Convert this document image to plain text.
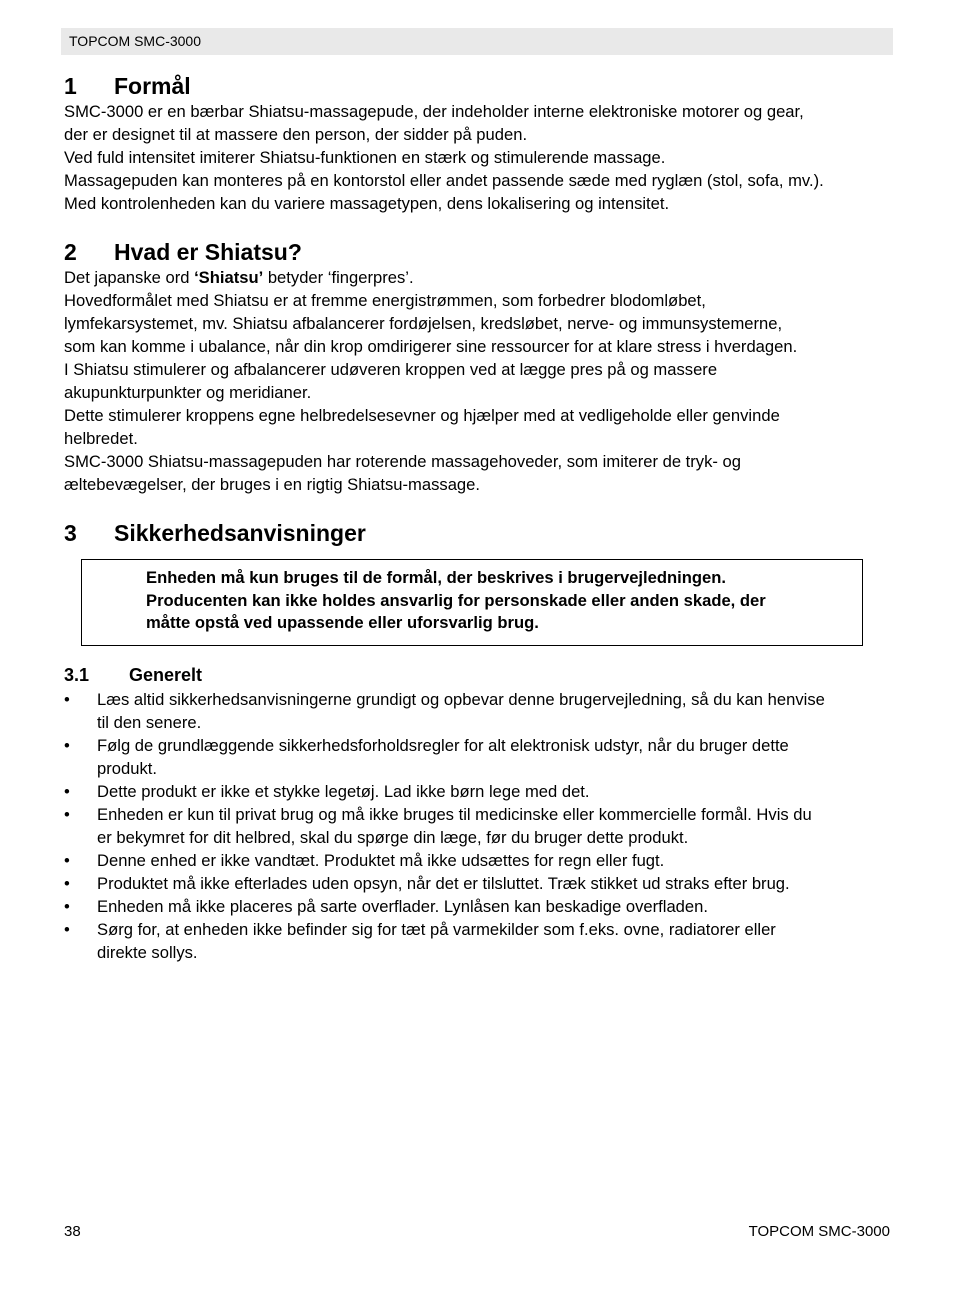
TOPCOM SMC-3000
1	Formål

SMC-3000 er en bærbar Shiatsu-massagepude, der indeholder interne elektroniske motorer og gear,

der er designet til at massere den person, der sidder på puden.

Ved fuld intensitet imiterer Shiatsu-funktionen en stærk og stimulerende massage.

Massagepuden kan monteres på en kontorstol eller andet passende sæde med ryglæn (stol, sofa, mv.).

Med kontrolenheden kan du variere massagetypen, dens lokalisering og intensitet.

2	Hvad er Shiatsu?

Det japanske ord ‘Shiatsu’ betyder ‘fingerpres’.

Hovedformålet med Shiatsu er at fremme energistrømmen, som forbedrer blodomløbet,

lymfekarsystemet, mv. Shiatsu afbalancerer fordøjelsen, kredsløbet, nerve- og immunsystemerne,

som kan komme i ubalance, når din krop omdirigerer sine ressourcer for at klare stress i hverdagen.

I Shiatsu stimulerer og afbalancerer udøveren kroppen ved at lægge pres på og massere

akupunkturpunkter og meridianer.

Dette stimulerer kroppens egne helbredelsesevner og hjælper med at vedligeholde eller genvinde

helbredet.

SMC-3000 Shiatsu-massagepuden har roterende massagehoveder, som imiterer de tryk- og

æltebevægelser, der bruges i en rigtig Shiatsu-massage.

3	Sikkerhedsanvisninger

Enheden må kun bruges til de formål, der beskrives i brugervejledningen.

Producenten kan ikke holdes ansvarlig for personskade eller anden skade, der

måtte opstå ved upassende eller uforsvarlig brug.

3.1	Generelt
• Læs altid sikkerhedsanvisningerne grundigt og opbevar denne brugervejledning, så du kan henvise
til den senere.
• Følg de grundlæggende sikkerhedsforholdsregler for alt elektronisk udstyr, når du bruger dette
produkt.
• Dette produkt er ikke et stykke legetøj. Lad ikke børn lege med det.
• Enheden er kun til privat brug og må ikke bruges til medicinske eller kommercielle formål. Hvis du
er bekymret for dit helbred, skal du spørge din læge, før du bruger dette produkt.
• Denne enhed er ikke vandtæt. Produktet må ikke udsættes for regn eller fugt.
• Produktet må ikke efterlades uden opsyn, når det er tilsluttet. Træk stikket ud straks efter brug.
• Enheden må ikke placeres på sarte overflader. Lynlåsen kan beskadige overfladen.
• Sørg for, at enheden ikke befinder sig for tæt på varmekilder som f.eks. ovne, radiatorer eller
direkte sollys.
38	TOPCOM SMC-3000
